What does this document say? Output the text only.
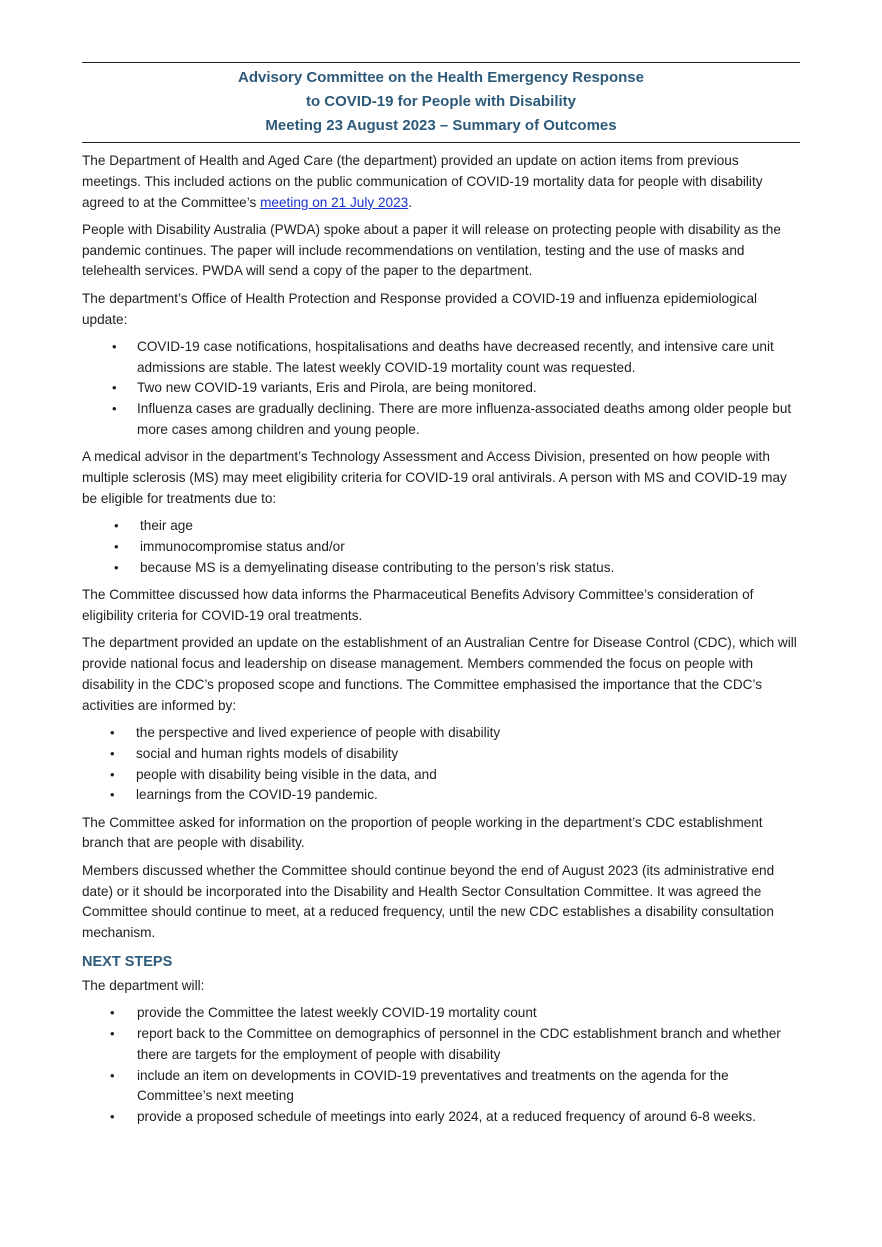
Advisory Committee on the Health Emergency Response

to COVID-19 for People with Disability

Meeting 23 August 2023 – Summary of Outcomes

The Department of Health and Aged Care (the department) provided an update on action items from previous meetings. This included actions on the public communication of COVID-19 mortality data for people with disability agreed to at the Committee’s meeting on 21 July 2023.

People with Disability Australia (PWDA) spoke about a paper it will release on protecting people with disability as the pandemic continues. The paper will include recommendations on ventilation, testing and the use of masks and telehealth services. PWDA will send a copy of the paper to the department.

The department’s Office of Health Protection and Response provided a COVID-19 and influenza epidemiological update:

• COVID-19 case notifications, hospitalisations and deaths have decreased recently, and intensive care unit admissions are stable. The latest weekly COVID-19 mortality count was requested.
• Two new COVID-19 variants, Eris and Pirola, are being monitored.
• Influenza cases are gradually declining. There are more influenza-associated deaths among older people but more cases among children and young people.

A medical advisor in the department’s Technology Assessment and Access Division, presented on how people with multiple sclerosis (MS) may meet eligibility criteria for COVID-19 oral antivirals. A person with MS and COVID-19 may be eligible for treatments due to:

• their age
• immunocompromise status and/or
• because MS is a demyelinating disease contributing to the person’s risk status.

The Committee discussed how data informs the Pharmaceutical Benefits Advisory Committee’s consideration of eligibility criteria for COVID-19 oral treatments.

The department provided an update on the establishment of an Australian Centre for Disease Control (CDC), which will provide national focus and leadership on disease management. Members commended the focus on people with disability in the CDC’s proposed scope and functions. The Committee emphasised the importance that the CDC’s activities are informed by:

• the perspective and lived experience of people with disability
• social and human rights models of disability
• people with disability being visible in the data, and
• learnings from the COVID-19 pandemic.

The Committee asked for information on the proportion of people working in the department’s CDC establishment branch that are people with disability.

Members discussed whether the Committee should continue beyond the end of August 2023 (its administrative end date) or it should be incorporated into the Disability and Health Sector Consultation Committee. It was agreed the Committee should continue to meet, at a reduced frequency, until the new CDC establishes a disability consultation mechanism.

NEXT STEPS

The department will:

• provide the Committee the latest weekly COVID-19 mortality count
• report back to the Committee on demographics of personnel in the CDC establishment branch and whether there are targets for the employment of people with disability
• include an item on developments in COVID-19 preventatives and treatments on the agenda for the Committee’s next meeting
• provide a proposed schedule of meetings into early 2024, at a reduced frequency of around 6-8 weeks.
